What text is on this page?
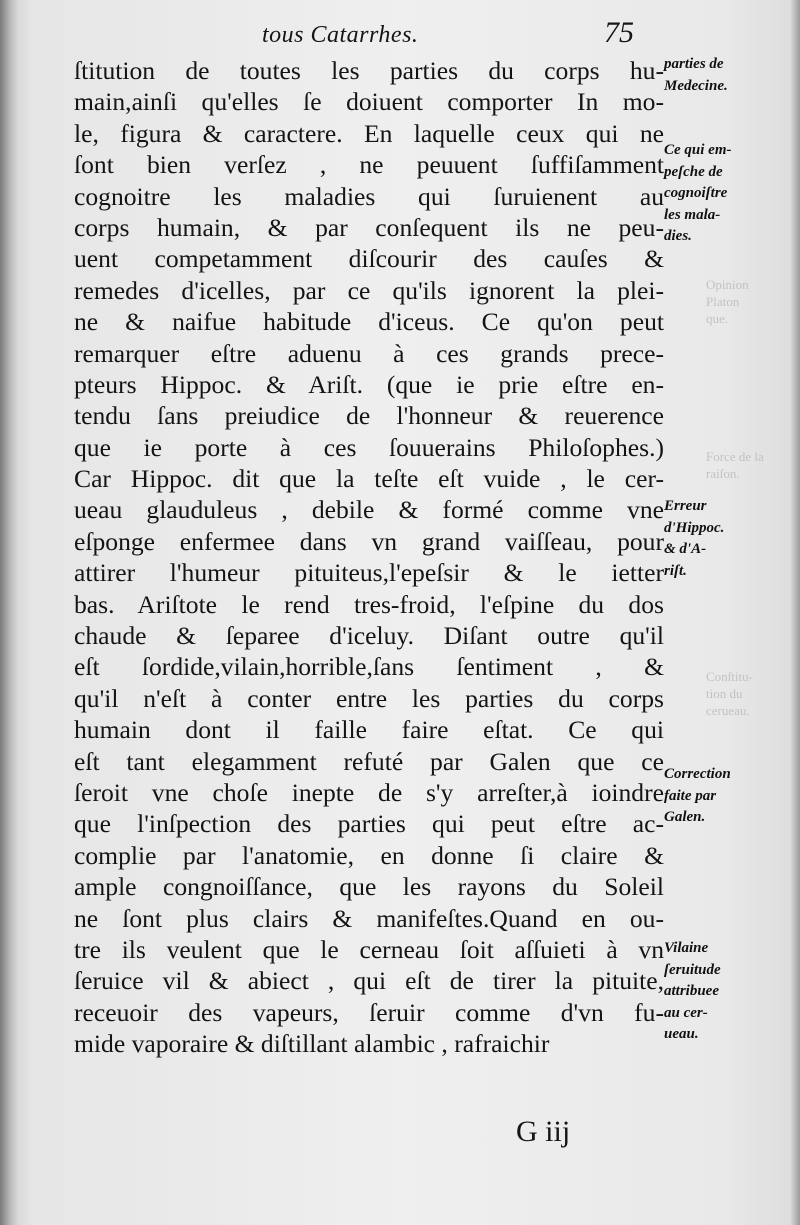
tous Catarrhes.	75
ſtitution de toutes les parties du corps hu-
main,ainſi qu'elles ſe doiuent comporter In mo-
le, figura & caractere. En laquelle ceux qui ne
ſont bien verſez , ne peuuent ſuffiſamment
cognoitre les maladies qui ſuruienent au
corps humain, & par conſequent ils ne peu-
uent competamment diſcourir des cauſes &
remedes d'icelles, par ce qu'ils ignorent la plei-
ne & naifue habitude d'iceus. Ce qu'on peut
remarquer eſtre aduenu à ces grands prece-
pteurs Hippoc. & Ariſt. (que ie prie eſtre en-
tendu ſans preiudice de l'honneur & reuerence
que ie porte à ces ſouuerains Philoſophes.)
Car Hippoc. dit que la teſte eſt vuide , le cer-
ueau glauduleus , debile & formé comme vne
eſponge enfermee dans vn grand vaiſſeau, pour
attirer l'humeur pituiteus,l'epeſsir & le ietter
bas. Ariſtote le rend tres-froid, l'eſpine du dos
chaude & ſeparee d'iceluy. Diſant outre qu'il
eſt ſordide,vilain,horrible,ſans ſentiment , &
qu'il n'eſt à conter entre les parties du corps
humain dont il faille faire eſtat. Ce qui
eſt tant elegamment refuté par Galen que ce
ſeroit vne choſe inepte de s'y arreſter,à ioindre
que l'inſpection des parties qui peut eſtre ac-
complie par l'anatomie, en donne ſi claire &
ample congnoiſſance, que les rayons du Soleil
ne ſont plus clairs & manifeſtes.Quand en ou-
tre ils veulent que le cerneau ſoit aſſuieti à vn
ſeruice vil & abiect , qui eſt de tirer la pituite,
receuoir des vapeurs, ſeruir comme d'vn fu-
mide vaporaire & diſtillant alambic , rafraichir
parties de
Medecine.
Ce qui em-
peſche de
cognoiſtre
les mala-
dies.
Erreur
d'Hippoc.
& d'A-
riſt.
Correction
faite par
Galen.
Vilaine
ſeruitude
attribuee
au cer-
ueau.
Opinion
Platon
que.
Force de la
raiſon.
Conſtitu-
tion du
cerueau.
G iij
